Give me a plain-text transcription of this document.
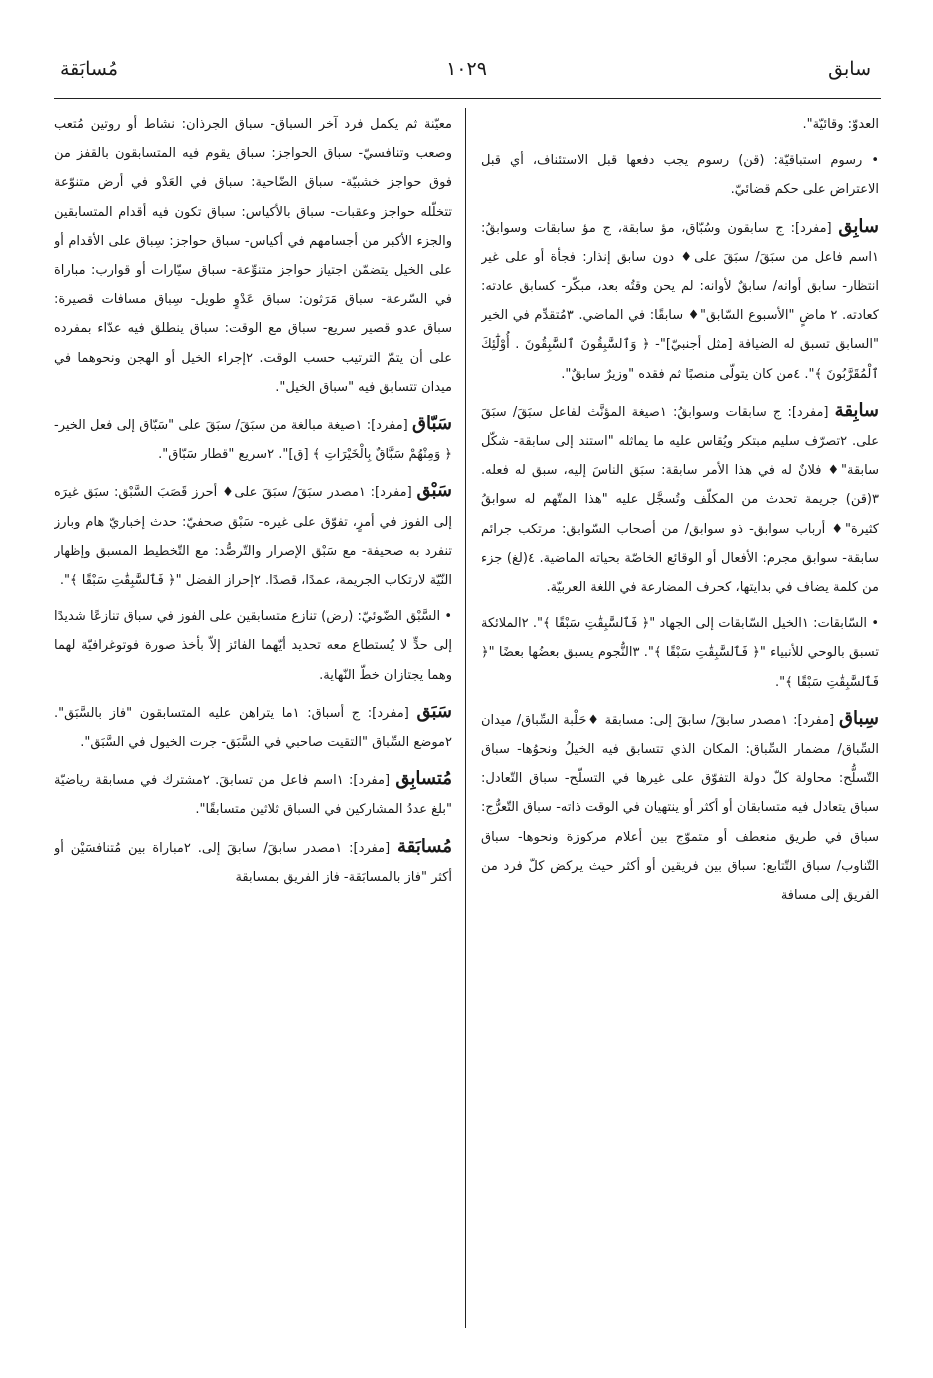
سابق
١٠٢٩
مُسابَقة

العدوّ: وقائيّة".

• رسوم استباقيّة: (قن) رسوم يجب دفعها قبل الاستئناف، أي قبل الاعتراض على حكم قضائيّ.

سابِق [مفرد]: ج سابقون وسُبّاق، مؤ سابقة، ج مؤ سابقات وسوابقُ: ١اسم فاعل من سبَقَ/ سبَقَ على♦ دون سابق إنذار: فجأة أو على غير انتظار- سابق أوانه/ سابقٌ لأوانه: لم يحن وقتُه بعد، مبكّر- كسابق عادته: كعادته. ٢ ماضٍ "الأسبوع السّابق"♦ سابقًا: في الماضي. ٣مُتقدِّم في الخير "السابق تسبق له الضيافة [مثل أجنبيّ]"- ﴿ وَٱلسَّٰبِقُونَ ٱلسَّٰبِقُونَ . أُوْلَٰٓئِكَ ٱلْمُقَرَّبُونَ ﴾". ٤من كان يتولّى منصبًا ثم فقده "وزيرٌ سابقٌ".

سابِقة [مفرد]: ج سابقات وسوابقُ: ١صيغة المؤنَّث لفاعل سبَقَ/ سبَقَ على. ٢تصرّف سليم مبتكر ويُقاس عليه ما يماثله "استند إلى سابقة- شكّل سابقة"♦ فلانٌ له في هذا الأمر سابقة: سبَق الناسَ إليه، سبق له فعله. ٣(قن) جريمة تحدث من المكلّف وتُسجَّل عليه "هذا المتّهم له سوابقُ كثيرة"♦ أرباب سوابق- ذو سوابق/ من أصحاب السّوابق: مرتكب جرائم سابقة- سوابق مجرم: الأفعال أو الوقائع الخاصّة بحياته الماضية. ٤(لغ) جزء من كلمة يضاف في بدايتها، كحرف المضارعة في اللغة العربيّة.

• السّابقات: ١الخيل السّابقات إلى الجهاد "﴿ فَٱلسَّٰبِقَٰتِ سَبْقًا ﴾". ٢الملائكة تسبق بالوحي للأنبياء "﴿ فَٱلسَّٰبِقَٰتِ سَبْقًا ﴾". ٣النُّجوم يسبق بعضُها بعضًا "﴿ فَٱلسَّٰبِقَٰتِ سَبْقًا ﴾".

سِباق [مفرد]: ١مصدر سابقَ/ سابقَ إلى: مسابقة ♦حَلْبة السِّباق/ ميدان السِّباق/ مضمار السِّباق: المكان الذي تتسابق فيه الخيلُ ونحوُها- سباق التّسلُّح: محاولة كلّ دولة التفوّق على غيرها في التسلّح- سباق التّعادل: سباق يتعادل فيه متسابقان أو أكثر أو ينتهيان في الوقت ذاته- سباق التّعرُّج: سباق في طريق منعطف أو متموّج بين أعلام مركوزة ونحوها- سباق التّناوب/ سباق التّتابع: سباق بين فريقين أو أكثر حيث يركض كلّ فرد من الفريق إلى مسافة

معيّنة ثم يكمل فرد آخر السباق- سباق الجرذان: نشاط أو روتين مُتعب وصعب وتنافسيّ- سباق الحواجز: سباق يقوم فيه المتسابقون بالقفز من فوق حواجز خشبيّة- سباق الضّاحية: سباق في العَدْو في أرض متنوّعة تتخلّله حواجز وعقبات- سباق بالأكياس: سباق تكون فيه أقدام المتسابقين والجزء الأكبر من أجسامهم في أكياس- سباق حواجز: سِباق على الأقدام أو على الخيل يتضمّن اجتياز حواجز متنوِّعة- سباق سيّارات أو قوارب: مباراة في السّرعة- سباق مَرَثون: سباق عَدْوٍ طويل- سِباق مسافات قصيرة: سباق عدو قصير سريع- سباق مع الوقت: سباق ينطلق فيه عدّاء بمفرده على أن يتمّ الترتيب حسب الوقت. ٢إجراء الخيل أو الهجن ونحوهما في ميدان تتسابق فيه "سباق الخيل".

سَبّاق [مفرد]: ١صيغة مبالغة من سبَقَ/ سبَقَ على "سَبّاق إلى فعل الخير- ﴿ وَمِنْهُمْ سَبَّاقٌ بِالْخَيْرَاتِ ﴾ [ق]". ٢سريع "قطار سَبّاق".

سَبْق [مفرد]: ١مصدر سبَقَ/ سبَقَ على♦ أحرز قَصَبَ السَّبْق: سبَق غيرَه إلى الفوز في أمرٍ، تفوّق على غيره- سَبْق صحفيّ: حدث إخباريّ هام وبارز تنفرد به صحيفة- مع سَبْق الإصرار والتّرصُّد: مع التّخطيط المسبق وإظهار النّيّة لارتكاب الجريمة، عمدًا، قصدًا. ٢إحراز الفضل "﴿ فَٱلسَّٰبِقَٰتِ سَبْقًا ﴾".

• السَّبْق الضّوئيّ: (رض) تنازع متسابقين على الفوز في سباق تنازعًا شديدًا إلى حدٍّ لا يُستطاع معه تحديد أيّهما الفائز إلاّ بأخذ صورة فوتوغرافيّة لهما وهما يجتازان خطّ النّهاية.

سَبَق [مفرد]: ج أسباق: ١ما يتراهن عليه المتسابقون "فاز بالسَّبَق". ٢موضع السِّباق "التقيت صاحبي في السَّبَق- جرت الخيول في السَّبَق".

مُتسابِق [مفرد]: ١اسم فاعل من تسابقَ. ٢مشترك في مسابقة رياضيّة "بلغ عددُ المشاركين في السباق ثلاثين متسابقًا".

مُسابَقة [مفرد]: ١مصدر سابقَ/ سابقَ إلى. ٢مباراة بين مُتنافسَيْن أو أكثر "فاز بالمسابَقة- فاز الفريق بمسابقة
